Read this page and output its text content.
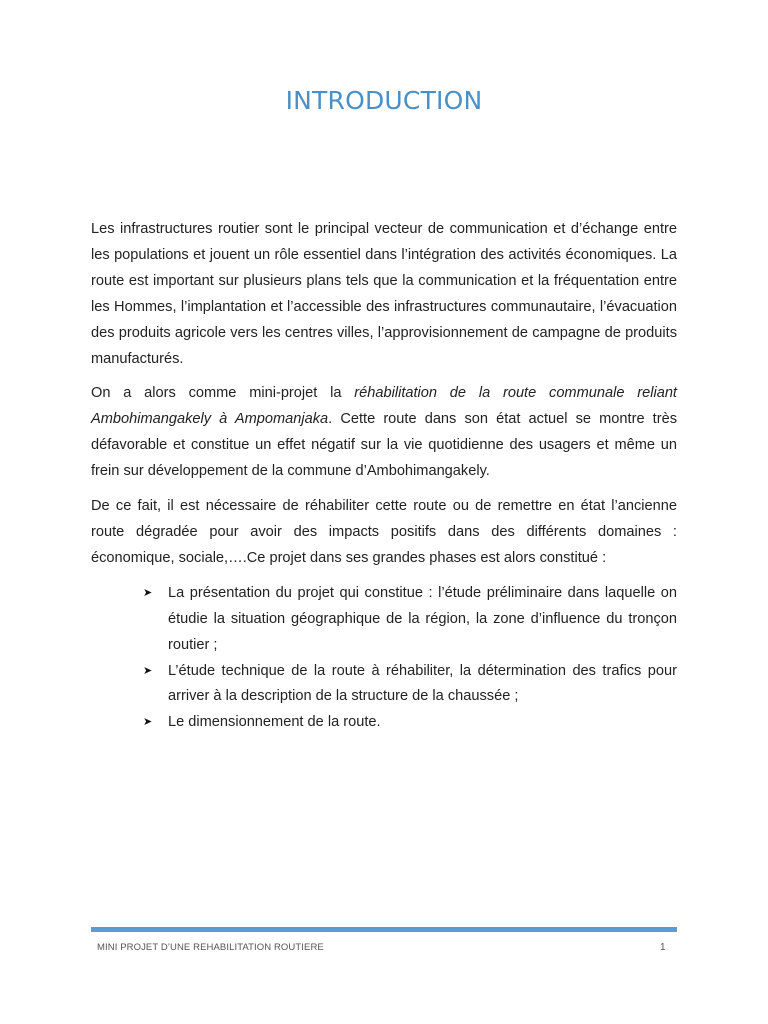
INTRODUCTION

Les infrastructures routier sont le principal vecteur de communication et d’échange entre les populations et jouent un rôle essentiel dans l’intégration des activités économiques. La route est important sur plusieurs plans tels que la communication et la fréquentation entre les Hommes, l’implantation et l’accessible des infrastructures communautaire, l’évacuation des produits agricole vers les centres villes, l’approvisionnement de campagne de produits manufacturés.

On a alors comme mini-projet la réhabilitation de la route communale reliant Ambohimangakely à Ampomanjaka. Cette route dans son état actuel se montre très défavorable et constitue un effet négatif sur la vie quotidienne des usagers et même un frein sur développement de la commune d’Ambohimangakely.

De ce fait, il est nécessaire de réhabiliter cette route ou de remettre en état l’ancienne route dégradée pour avoir des impacts positifs dans des différents domaines : économique, sociale,….Ce projet dans ses grandes phases est alors constitué :

➤ La présentation du projet qui constitue : l’étude préliminaire dans laquelle on étudie la situation géographique de la région, la zone d’influence du tronçon routier ;
➤ L’étude technique de la route à réhabiliter, la détermination des trafics pour arriver à la description de la structure de la chaussée ;
➤ Le dimensionnement de la route.
MINI PROJET D’UNE REHABILITATION ROUTIERE	1
